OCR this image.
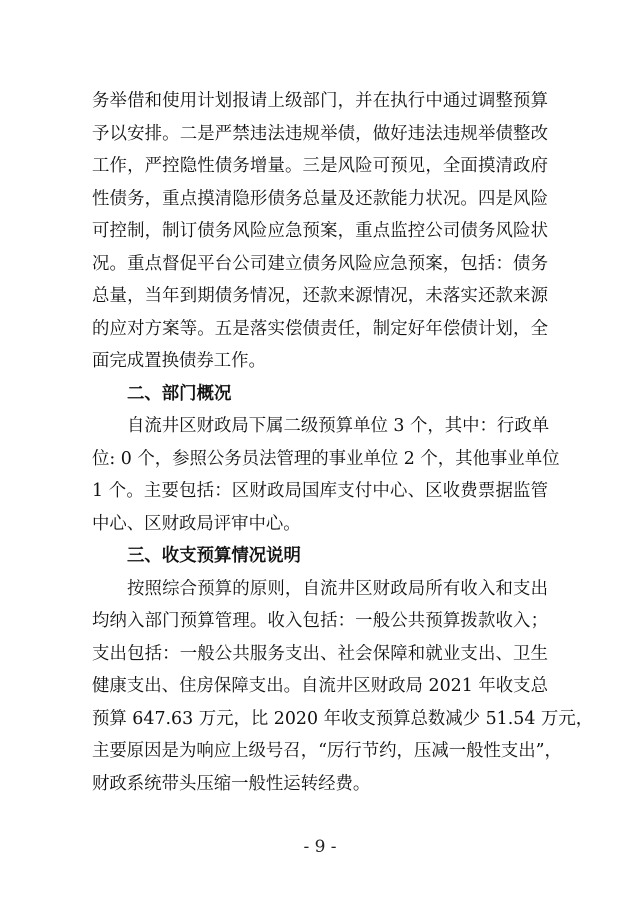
务举借和使用计划报请上级部门，并在执行中通过调整预算
予以安排。二是严禁违法违规举债，做好违法违规举债整改
工作，严控隐性债务增量。三是风险可预见，全面摸清政府
性债务，重点摸清隐形债务总量及还款能力状况。四是风险
可控制，制订债务风险应急预案，重点监控公司债务风险状
况。重点督促平台公司建立债务风险应急预案，包括：债务
总量，当年到期债务情况，还款来源情况，未落实还款来源
的应对方案等。五是落实偿债责任，制定好年偿债计划，全
面完成置换债券工作。
二、部门概况
自流井区财政局下属二级预算单位 3 个，其中：行政单
位: 0 个，参照公务员法管理的事业单位 2 个，其他事业单位
1 个。主要包括：区财政局国库支付中心、区收费票据监管
中心、区财政局评审中心。
三、收支预算情况说明
按照综合预算的原则，自流井区财政局所有收入和支出
均纳入部门预算管理。收入包括：一般公共预算拨款收入；
支出包括：一般公共服务支出、社会保障和就业支出、卫生
健康支出、住房保障支出。自流井区财政局 2021 年收支总
预算 647.63 万元，比 2020 年收支预算总数减少 51.54 万元，
主要原因是为响应上级号召，“厉行节约，压减一般性支出”，
财政系统带头压缩一般性运转经费。
- 9 -
